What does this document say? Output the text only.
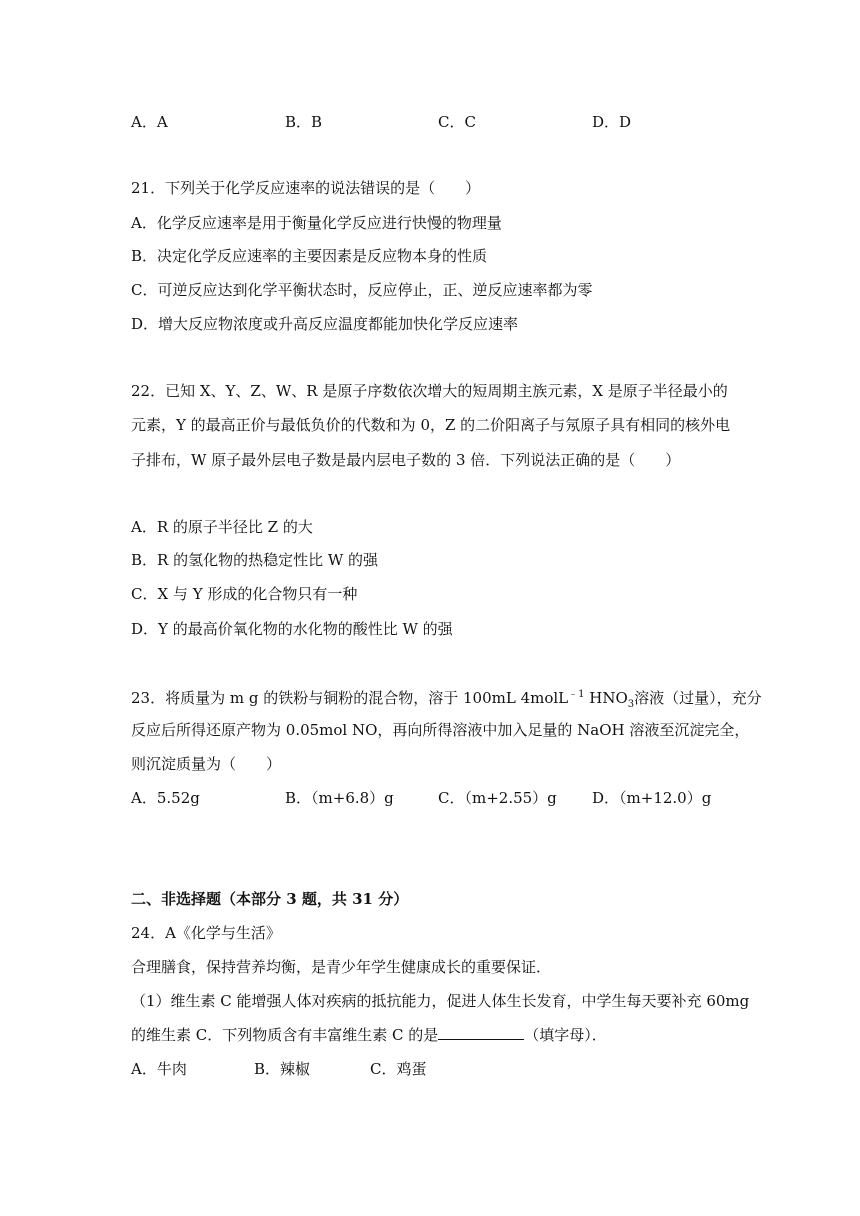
A．A	B．B	C．C	D．D
21．下列关于化学反应速率的说法错误的是（　　）
A．化学反应速率是用于衡量化学反应进行快慢的物理量
B．决定化学反应速率的主要因素是反应物本身的性质
C．可逆反应达到化学平衡状态时，反应停止，正、逆反应速率都为零
D．增大反应物浓度或升高反应温度都能加快化学反应速率
22．已知 X、Y、Z、W、R 是原子序数依次增大的短周期主族元素，X 是原子半径最小的
元素，Y 的最高正价与最低负价的代数和为 0，Z 的二价阳离子与氖原子具有相同的核外电
子排布，W 原子最外层电子数是最内层电子数的 3 倍．下列说法正确的是（　　）
A．R 的原子半径比 Z 的大
B．R 的氢化物的热稳定性比 W 的强
C．X 与 Y 形成的化合物只有一种
D．Y 的最高价氧化物的水化物的酸性比 W 的强
23．将质量为 m g 的铁粉与铜粉的混合物，溶于 100mL 4molL$^{﹣1}$ $HNO_3$溶液（过量），充分
反应后所得还原产物为 0.05mol NO，再向所得溶液中加入足量的 NaOH 溶液至沉淀完全，
则沉淀质量为（　　）
A．5.52g	B．（m+6.8）g	C．（m+2.55）g D．（m+12.0）g
二、非选择题（本部分 3 题，共 31 分）
24．A《化学与生活》
合理膳食，保持营养均衡，是青少年学生健康成长的重要保证．
（1）维生素 C 能增强人体对疾病的抵抗能力，促进人体生长发育，中学生每天要补充 60mg
的维生素 C．下列物质含有丰富维生素 C 的是	（填字母）．
A．牛肉	B．辣椒	C．鸡蛋
